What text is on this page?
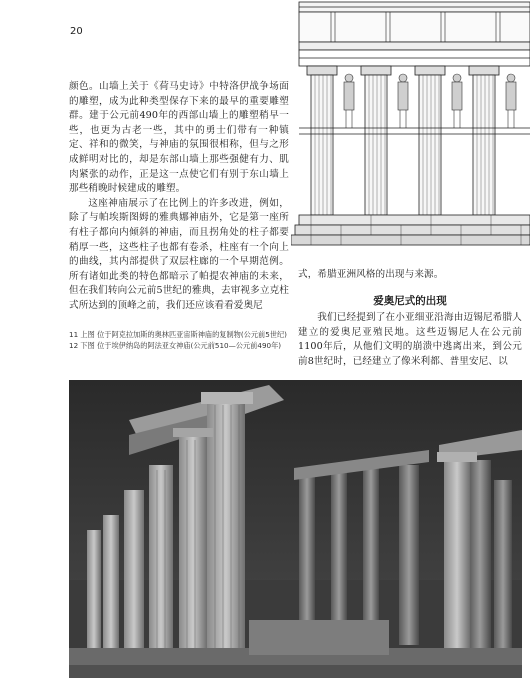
20

颜色。山墙上关于《荷马史诗》中特洛伊战争场面的雕塑，成为此种类型保存下来的最早的重要雕塑群。建于公元前490年的西部山墙上的雕塑稍早一些，也更为古老一些，其中的勇士们带有一种镇定、祥和的微笑，与神庙的氛围很相称，但与之形成鲜明对比的，却是东部山墙上那些强健有力、肌肉紧张的动作，正是这一点使它们有别于东山墙上那些稍晚时候建成的雕塑。

这座神庙展示了在比例上的许多改进，例如，除了与帕埃斯图姆的雅典娜神庙外，它是第一座所有柱子都向内倾斜的神庙，而且拐角处的柱子都要稍厚一些，这些柱子也都有卷杀，柱座有一个向上的曲线，其内部提供了双层柱廊的一个早期范例。所有诸如此类的特色都暗示了帕提农神庙的未来，但在我们转向公元前5世纪的雅典，去审视多立克柱式所达到的顶峰之前，我们还应该看看爱奥尼

11 上图 位于阿克拉加斯的奥林匹亚宙斯神庙的复制物(公元前5世纪)
12 下图 位于埃伊纳岛的阿法亚女神庙(公元前510—公元前490年)
式，希腊亚洲风格的出现与来源。
爱奥尼式的出现

我们已经提到了在小亚细亚沿海由迈锡尼希腊人建立的爱奥尼亚殖民地。这些迈锡尼人在公元前1100年后，从他们文明的崩溃中逃离出来，到公元前8世纪时，已经建立了像米利都、普里安尼、以
